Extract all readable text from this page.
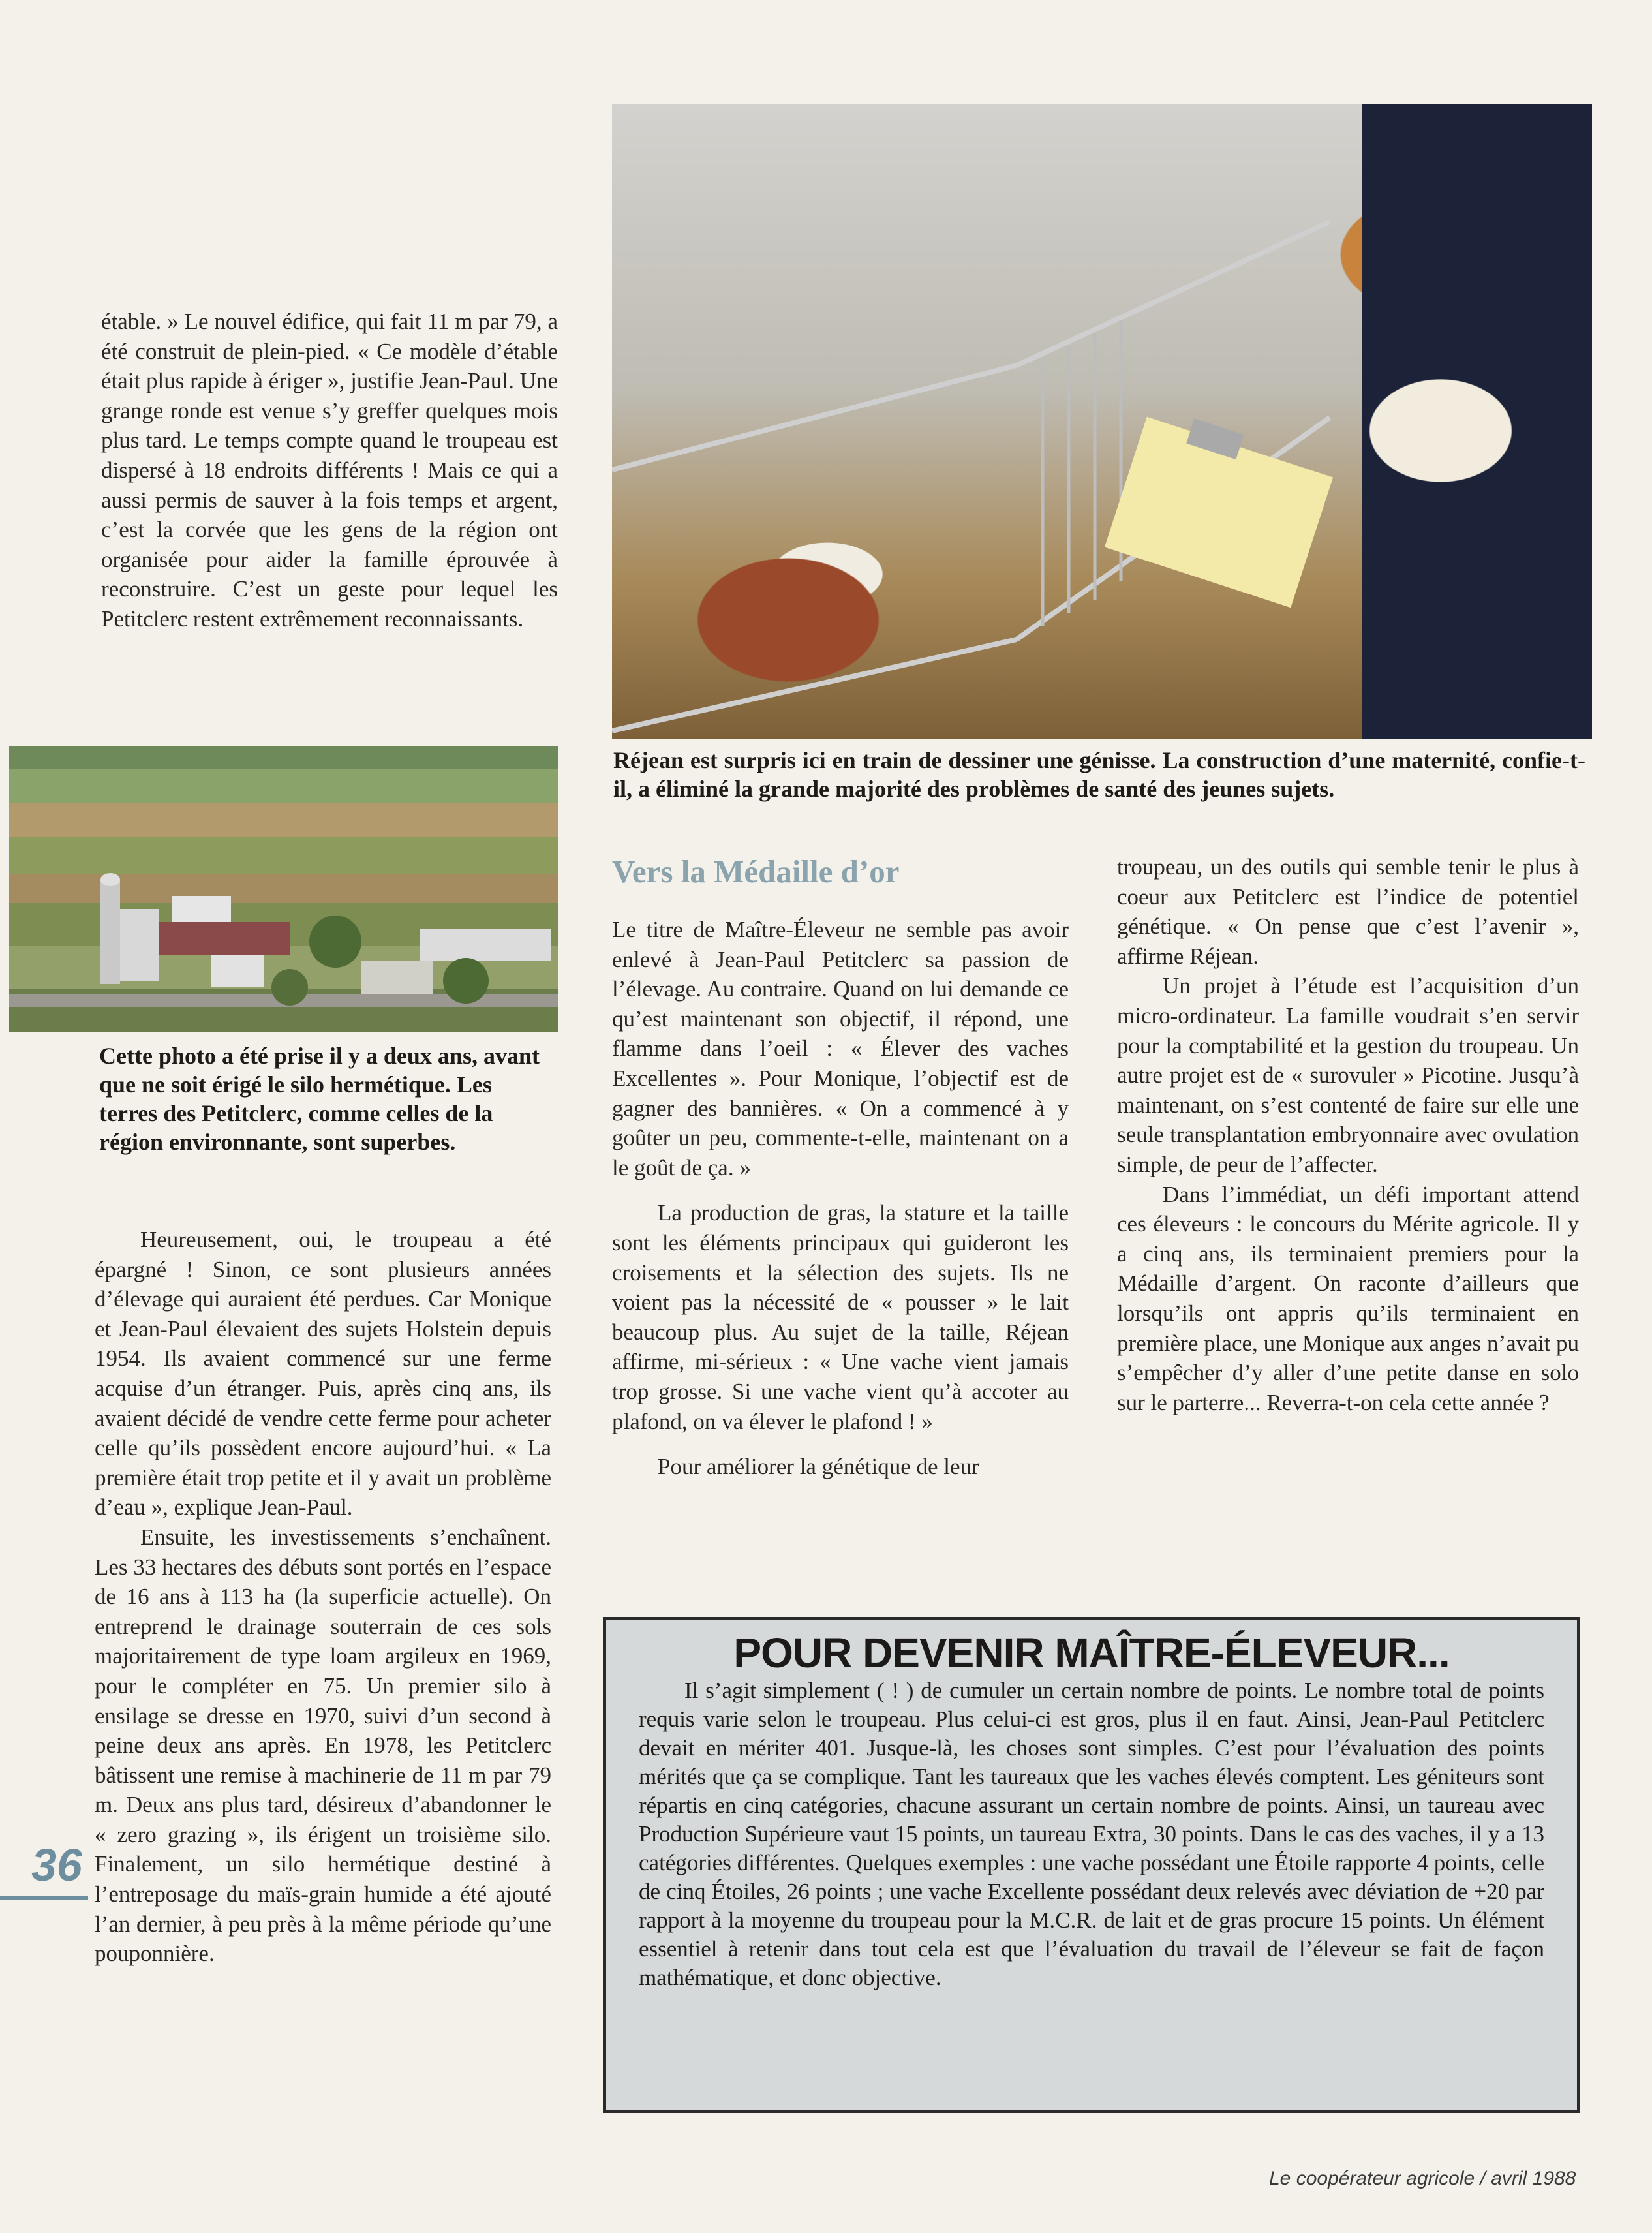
étable. » Le nouvel édifice, qui fait 11 m par 79, a été construit de plein-pied. « Ce modèle d’étable était plus rapide à ériger », justifie Jean-Paul. Une grange ronde est venue s’y greffer quelques mois plus tard. Le temps compte quand le troupeau est dispersé à 18 endroits différents ! Mais ce qui a aussi permis de sauver à la fois temps et argent, c’est la corvée que les gens de la région ont organisée pour aider la famille éprouvée à reconstruire. C’est un geste pour lequel les Petitclerc restent extrêmement reconnaissants.

Cette photo a été prise il y a deux ans, avant que ne soit érigé le silo hermétique. Les terres des Petitclerc, comme celles de la région environnante, sont superbes.

Heureusement, oui, le troupeau a été épargné ! Sinon, ce sont plusieurs années d’élevage qui auraient été perdues. Car Monique et Jean-Paul élevaient des sujets Holstein depuis 1954. Ils avaient commencé sur une ferme acquise d’un étranger. Puis, après cinq ans, ils avaient décidé de vendre cette ferme pour acheter celle qu’ils possèdent encore aujourd’hui. « La première était trop petite et il y avait un problème d’eau », explique Jean-Paul.

Ensuite, les investissements s’enchaînent. Les 33 hectares des débuts sont portés en l’espace de 16 ans à 113 ha (la superficie actuelle). On entreprend le drainage souterrain de ces sols majoritairement de type loam argileux en 1969, pour le compléter en 75. Un premier silo à ensilage se dresse en 1970, suivi d’un second à peine deux ans après. En 1978, les Petitclerc bâtissent une remise à machinerie de 11 m par 79 m. Deux ans plus tard, désireux d’abandonner le « zero grazing », ils érigent un troisième silo. Finalement, un silo hermétique destiné à l’entreposage du maïs-grain humide a été ajouté l’an dernier, à peu près à la même période qu’une pouponnière.

36
Réjean est surpris ici en train de dessiner une génisse. La construction d’une maternité, confie-t-il, a éliminé la grande majorité des problèmes de santé des jeunes sujets.
Vers la Médaille d’or

Le titre de Maître-Éleveur ne semble pas avoir enlevé à Jean-Paul Petitclerc sa passion de l’élevage. Au contraire. Quand on lui demande ce qu’est maintenant son objectif, il répond, une flamme dans l’oeil : « Élever des vaches Excellentes ». Pour Monique, l’objectif est de gagner des bannières. « On a commencé à y goûter un peu, commente-t-elle, maintenant on a le goût de ça. »

La production de gras, la stature et la taille sont les éléments principaux qui guideront les croisements et la sélection des sujets. Ils ne voient pas la nécessité de « pousser » le lait beaucoup plus. Au sujet de la taille, Réjean affirme, mi-sérieux : « Une vache vient jamais trop grosse. Si une vache vient qu’à accoter au plafond, on va élever le plafond ! »

Pour améliorer la génétique de leur

troupeau, un des outils qui semble tenir le plus à coeur aux Petitclerc est l’indice de potentiel génétique. « On pense que c’est l’avenir », affirme Réjean.

Un projet à l’étude est l’acquisition d’un micro-ordinateur. La famille voudrait s’en servir pour la comptabilité et la gestion du troupeau. Un autre projet est de « surovuler » Picotine. Jusqu’à maintenant, on s’est contenté de faire sur elle une seule transplantation embryonnaire avec ovulation simple, de peur de l’affecter.

Dans l’immédiat, un défi important attend ces éleveurs : le concours du Mérite agricole. Il y a cinq ans, ils terminaient premiers pour la Médaille d’argent. On raconte d’ailleurs que lorsqu’ils ont appris qu’ils terminaient en première place, une Monique aux anges n’avait pu s’empêcher d’y aller d’une petite danse en solo sur le parterre... Reverra-t-on cela cette année ?

POUR DEVENIR MAÎTRE-ÉLEVEUR...

Il s’agit simplement ( ! ) de cumuler un certain nombre de points. Le nombre total de points requis varie selon le troupeau. Plus celui-ci est gros, plus il en faut. Ainsi, Jean-Paul Petitclerc devait en mériter 401. Jusque-là, les choses sont simples. C’est pour l’évaluation des points mérités que ça se complique. Tant les taureaux que les vaches élevés comptent. Les géniteurs sont répartis en cinq catégories, chacune assurant un certain nombre de points. Ainsi, un taureau avec Production Supérieure vaut 15 points, un taureau Extra, 30 points. Dans le cas des vaches, il y a 13 catégories différentes. Quelques exemples : une vache possédant une Étoile rapporte 4 points, celle de cinq Étoiles, 26 points ; une vache Excellente possédant deux relevés avec déviation de +20 par rapport à la moyenne du troupeau pour la M.C.R. de lait et de gras procure 15 points. Un élément essentiel à retenir dans tout cela est que l’évaluation du travail de l’éleveur se fait de façon mathématique, et donc objective.

Le coopérateur agricole / avril 1988
